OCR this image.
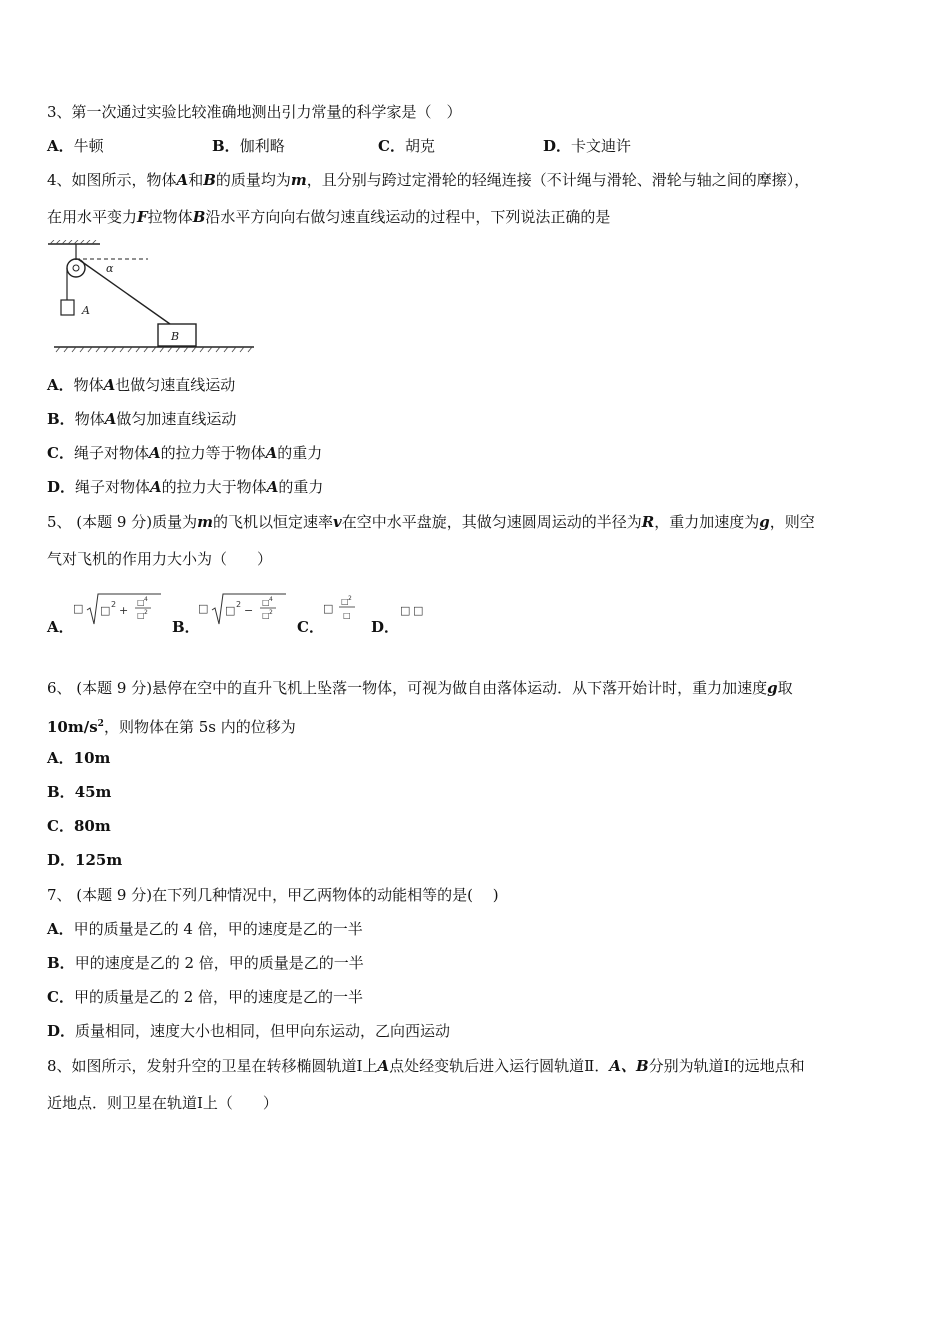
3、第一次通过实验比较准确地测出引力常量的科学家是（　）
A．牛顿	B．伽利略	C．胡克	D．卡文迪许
4、如图所示，物体A和B的质量均为m，且分别与跨过定滑轮的轻绳连接（不计绳与滑轮、滑轮与轴之间的摩擦），
在用水平变力F拉物体B沿水平方向向右做匀速直线运动的过程中，下列说法正确的是
A
α
B
A．物体A也做匀速直线运动
B．物体A做匀加速直线运动
C．绳子对物体A的拉力等于物体A的重力
D．绳子对物体A的拉力大于物体A的重力
5、 (本题 9 分)质量为m的飞机以恒定速率v在空中水平盘旋，其做匀速圆周运动的半径为R，重力加速度为g，则空
气对飞机的作用力大小为（　　）
A．
□ □ 2 +
□ 4
□ 2
B．
□ □ 2 −
□ 4
□ 2
C．
□
□ 2
□
D．
□ □
6、 (本题 9 分)悬停在空中的直升飞机上坠落一物体，可视为做自由落体运动．从下落开始计时，重力加速度g取
$10m/s^2$，则物体在第 5s 内的位移为
A．10m
B．45m
C．80m
D．125m
7、 (本题 9 分)在下列几种情况中，甲乙两物体的动能相等的是(　 )
A．甲的质量是乙的 4 倍，甲的速度是乙的一半
B．甲的速度是乙的 2 倍，甲的质量是乙的一半
C．甲的质量是乙的 2 倍，甲的速度是乙的一半
D．质量相同，速度大小也相同，但甲向东运动，乙向西运动
8、如图所示，发射升空的卫星在转移椭圆轨道Ⅰ上A点处经变轨后进入运行圆轨道Ⅱ．A、B分别为轨道Ⅰ的远地点和
近地点．则卫星在轨道Ⅰ上（　　）
